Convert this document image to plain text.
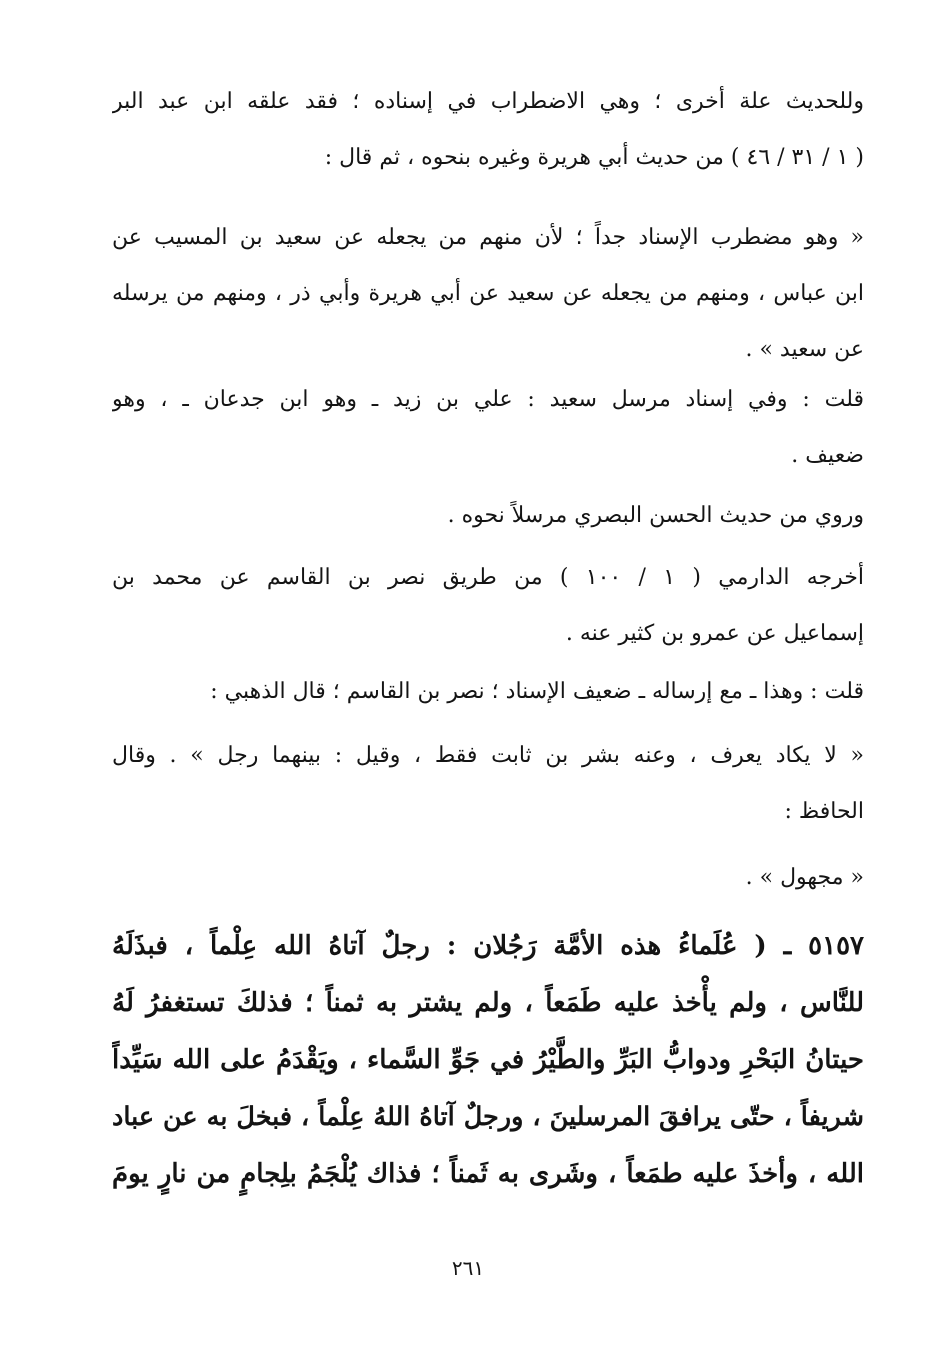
وللحديث علة أخرى ؛ وهي الاضطراب في إسناده ؛ فقد علقه ابن عبد البر
( ١ / ٣١ / ٤٦ ) من حديث أبي هريرة وغيره بنحوه ، ثم قال :
« وهو مضطرب الإسناد جداً ؛ لأن منهم من يجعله عن سعيد بن المسيب عن
ابن عباس ، ومنهم من يجعله عن سعيد عن أبي هريرة وأبي ذر ، ومنهم من يرسله
عن سعيد » .
قلت : وفي إسناد مرسل سعيد : علي بن زيد ـ وهو ابن جدعان ـ ، وهو
ضعيف .
وروي من حديث الحسن البصري مرسلاً نحوه .
أخرجه الدارمي ( ١ / ١٠٠ ) من طريق نصر بن القاسم عن محمد بن
إسماعيل عن عمرو بن كثير عنه .
قلت : وهذا ـ مع إرساله ـ ضعيف الإسناد ؛ نصر بن القاسم ؛ قال الذهبي :
« لا يكاد يعرف ، وعنه بشر بن ثابت فقط ، وقيل : بينهما رجل » . وقال
الحافظ :
« مجهول » .
٥١٥٧ ـ ( عُلَماءُ هذه الأمَّة رَجُلان : رجلٌ آتاهُ الله عِلْماً ، فبذَلَهُ
للنَّاس ، ولم يأْخذ عليه طَمَعاً ، ولم يشتر به ثمناً ؛ فذلكَ تستغفرُ لَهُ
حيتانُ البَحْرِ ودوابُّ البَرِّ والطَّيْرُ في جَوِّ السَّماء ، ويَقْدَمُ على الله سَيِّداً
شريفاً ، حتّى يرافقَ المرسلينَ ، ورجلٌ آتاهُ اللهُ عِلْماً ، فبخلَ به عن عباد
الله ، وأخذَ عليه طمَعاً ، وشَرى به ثَمناً ؛ فذاك يُلْجَمُ بلِجامٍ من نارٍ يومَ
٢٦١
